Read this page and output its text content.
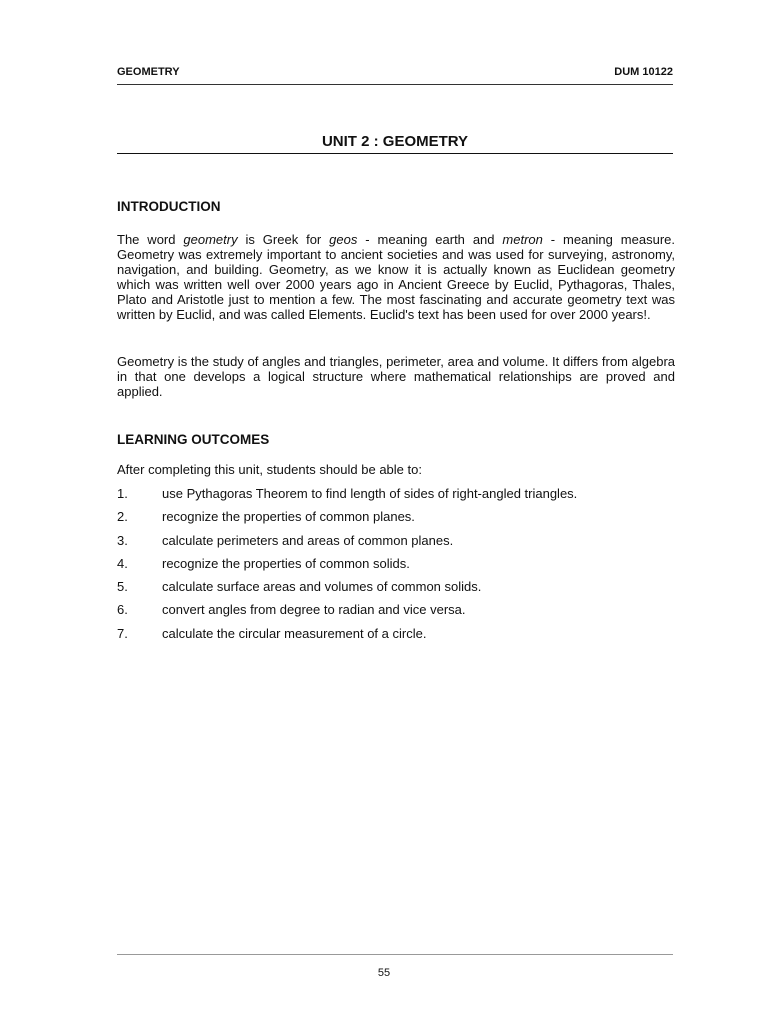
GEOMETRY	DUM 10122
UNIT 2 : GEOMETRY
INTRODUCTION

The word geometry is Greek for geos - meaning earth and metron - meaning measure. Geometry was extremely important to ancient societies and was used for surveying, astronomy, navigation, and building. Geometry, as we know it is actually known as Euclidean geometry which was written well over 2000 years ago in Ancient Greece by Euclid, Pythagoras, Thales, Plato and Aristotle just to mention a few. The most fascinating and accurate geometry text was written by Euclid, and was called Elements. Euclid's text has been used for over 2000 years!.

Geometry is the study of angles and triangles, perimeter, area and volume. It differs from algebra in that one develops a logical structure where mathematical relationships are proved and applied.

LEARNING OUTCOMES

After completing this unit, students should be able to:

1.	use Pythagoras Theorem to find length of sides of right-angled triangles.
2.	recognize the properties of common planes.
3.	calculate perimeters and areas of common planes.
4.	recognize the properties of common solids.
5.	calculate surface areas and volumes of common solids.
6.	convert angles from degree to radian and vice versa.
7.	calculate the circular measurement of a circle.
55
